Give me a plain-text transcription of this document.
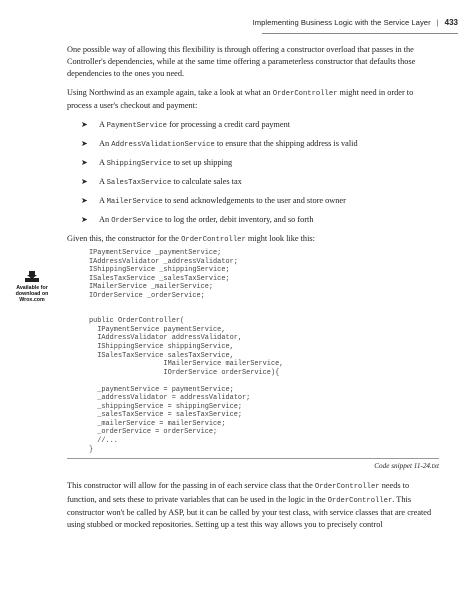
Implementing Business Logic with the Service Layer | 433

One possible way of allowing this flexibility is through offering a constructor overload that passes in the Controller's dependencies, while at the same time offering a parameterless constructor that defaults those dependencies to the ones you need.

Using Northwind as an example again, take a look at what an OrderController might need in order to process a user's checkout and payment:

➤ A PaymentService for processing a credit card payment
➤ An AddressValidationService to ensure that the shipping address is valid
➤ A ShippingService to set up shipping
➤ A SalesTaxService to calculate sales tax
➤ A MailerService to send acknowledgements to the user and store owner
➤ An OrderService to log the order, debit inventory, and so forth

Given this, the constructor for the OrderController might look like this:

Available for
download on
Wrox.com
IPaymentService _paymentService;
IAddressValidator _addressValidator;
IShippingService _shippingService;
ISalesTaxService _salesTaxService;
IMailerService _mailerService;
IOrderService _orderService;

public OrderController(
IPaymentService paymentService,
IAddressValidator addressValidator,
IShippingService shippingService,
ISalesTaxService salesTaxService,
IMailerService mailerService,
IOrderService orderService){

_paymentService = paymentService;
_addressValidator = addressValidator;
_shippingService = shippingService;
_salesTaxService = salesTaxService;
_mailerService = mailerService;
_orderService = orderService;
//...
}
Code snippet 11-24.txt

This constructor will allow for the passing in of each service class that the OrderController needs to function, and sets these to private variables that can be used in the logic in the OrderController. This constructor won't be called by ASP, but it can be called by your test class, with service classes that are created using stubbed or mocked repositories. Setting up a test this way allows you to precisely control
